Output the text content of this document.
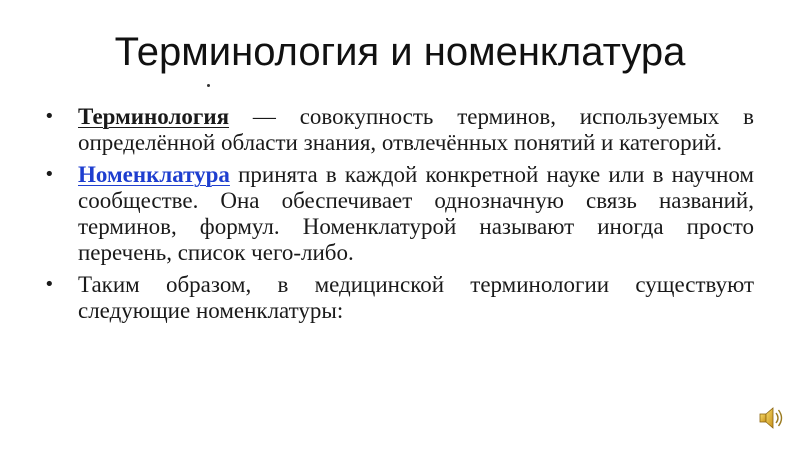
Терминология и номенклатура
• Терминология — совокупность терминов, используемых в определённой области знания, отвлечённых понятий и категорий.
• Номенклатура принята в каждой конкретной науке или в научном сообществе. Она обеспечивает однозначную связь названий, терминов, формул. Номенклатурой называют иногда просто перечень, список чего-либо.
• Таким образом, в медицинской терминологии существуют следующие номенклатуры:
